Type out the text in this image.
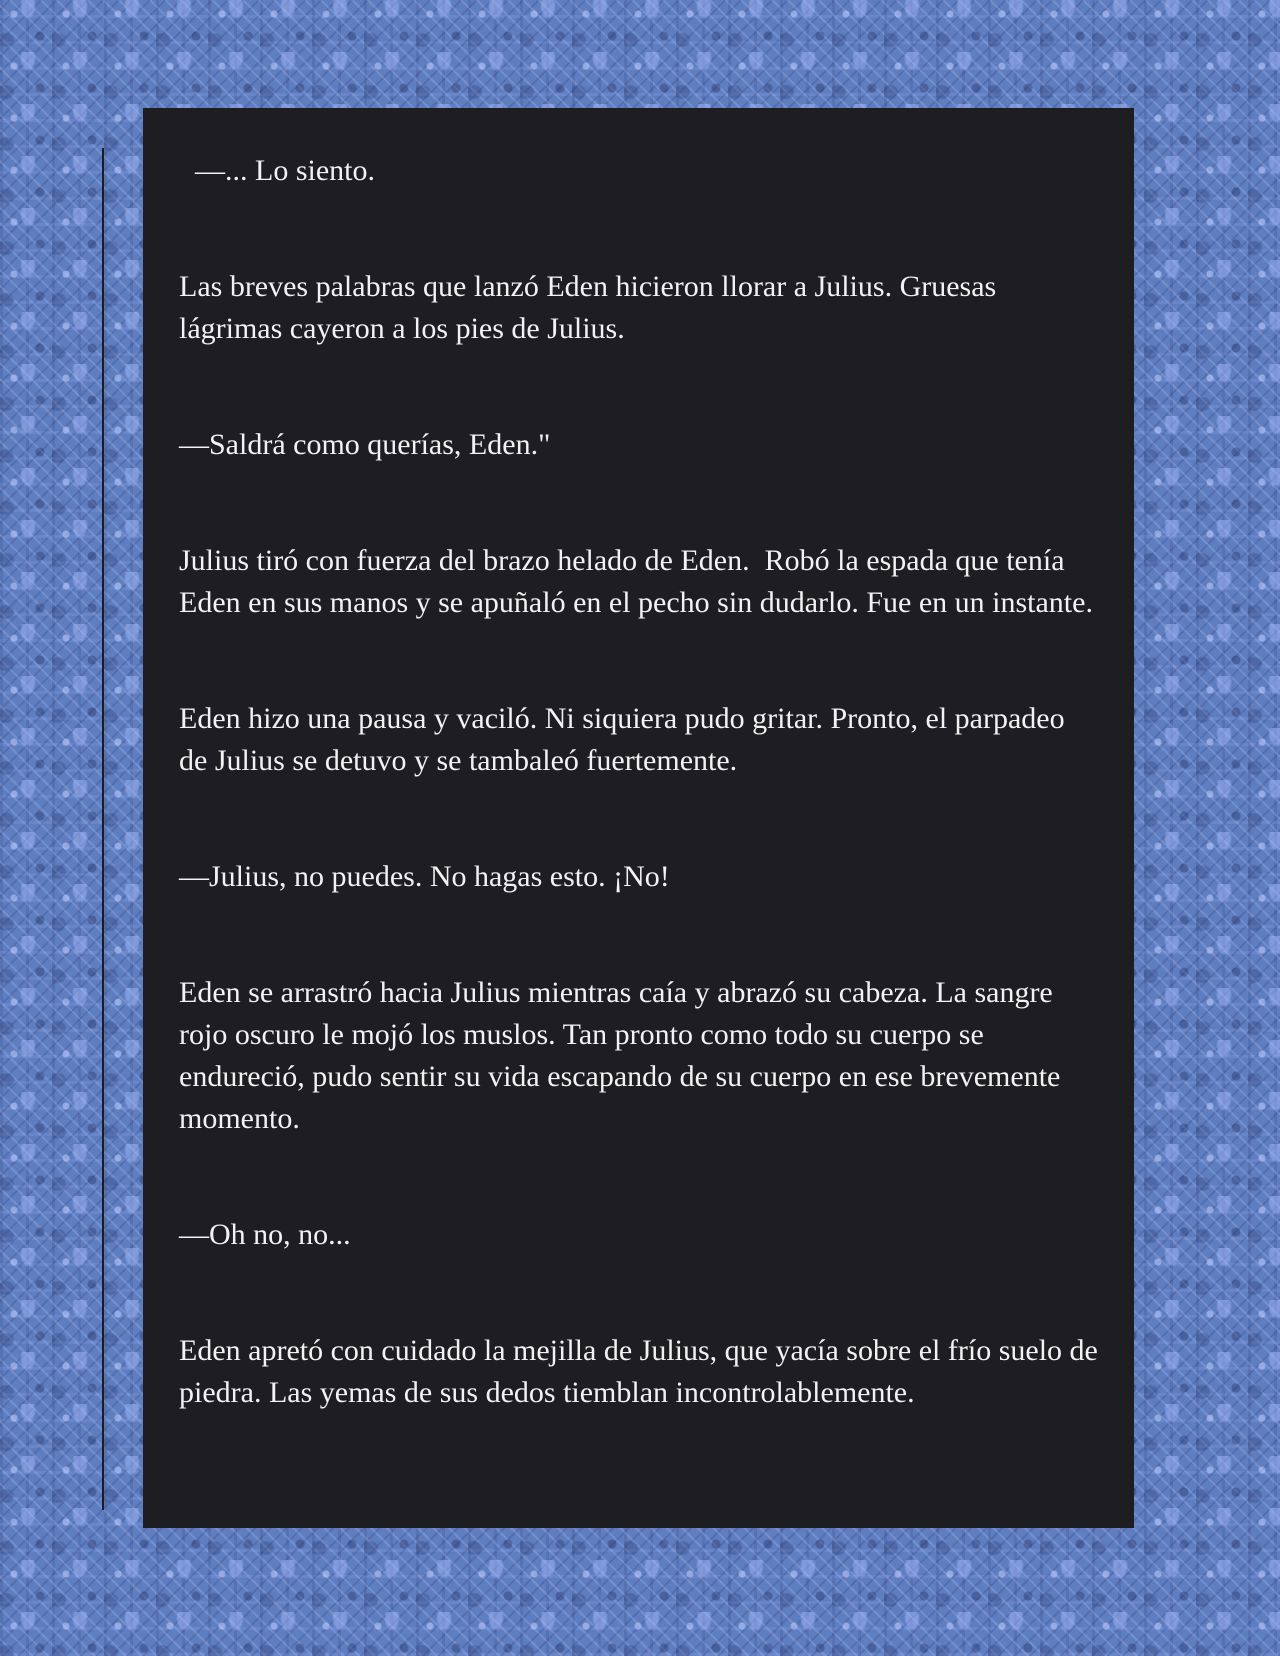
—... Lo siento.

Las breves palabras que lanzó Eden hicieron llorar a Julius. Gruesas lágrimas cayeron a los pies de Julius.

—Saldrá como querías, Eden."

Julius tiró con fuerza del brazo helado de Eden.  Robó la espada que tenía Eden en sus manos y se apuñaló en el pecho sin dudarlo. Fue en un instante.

Eden hizo una pausa y vaciló. Ni siquiera pudo gritar. Pronto, el parpadeo de Julius se detuvo y se tambaleó fuertemente.

—Julius, no puedes. No hagas esto. ¡No!

Eden se arrastró hacia Julius mientras caía y abrazó su cabeza. La sangre rojo oscuro le mojó los muslos. Tan pronto como todo su cuerpo se endureció, pudo sentir su vida escapando de su cuerpo en ese brevemente momento.

—Oh no, no...

Eden apretó con cuidado la mejilla de Julius, que yacía sobre el frío suelo de piedra. Las yemas de sus dedos tiemblan incontrolablemente.
